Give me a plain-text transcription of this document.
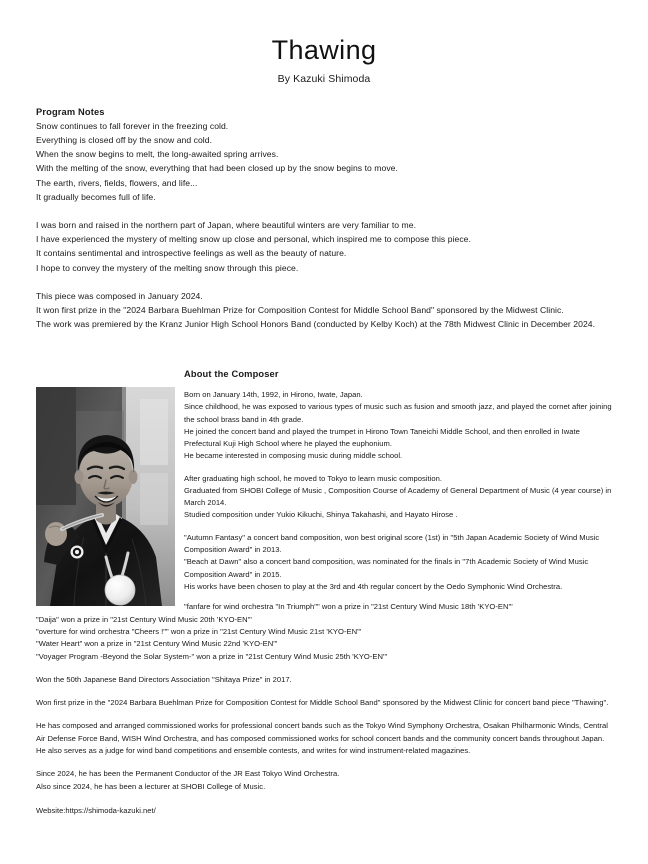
Thawing

By Kazuki Shimoda

Program Notes
Snow continues to fall forever in the freezing cold.
Everything is closed off by the snow and cold.
When the snow begins to melt, the long-awaited spring arrives.
With the melting of the snow, everything that had been closed up by the snow begins to move.
The earth, rivers, fields, flowers, and life...
It gradually becomes full of life.
I was born and raised in the northern part of Japan, where beautiful winters are very familiar to me.
I have experienced the mystery of melting snow up close and personal, which inspired me to compose this piece.
It contains sentimental and introspective feelings as well as the beauty of nature.
I hope to convey the mystery of the melting snow through this piece.
This piece was composed in January 2024.
It won first prize in the "2024 Barbara Buehlman Prize for Composition Contest for Middle School Band" sponsored by the Midwest Clinic.
The work was premiered by the Kranz Junior High School Honors Band (conducted by Kelby Koch) at the 78th Midwest Clinic in December 2024.
About the Composer
Born on January 14th, 1992, in Hirono, Iwate, Japan.
Since childhood, he was exposed to various types of music such as fusion and smooth jazz, and played the cornet after joining the school brass band in 4th grade.
He joined the concert band and played the trumpet in Hirono Town Taneichi Middle School, and then enrolled in Iwate Prefectural Kuji High School where he played the euphonium.
He became interested in composing music during middle school.
After graduating high school, he moved to Tokyo to learn music composition.
Graduated from SHOBI College of Music , Composition Course of Academy of General Department of Music (4 year course) in March 2014.
Studied composition under Yukio Kikuchi, Shinya Takahashi, and Hayato Hirose .
"Autumn Fantasy" a concert band composition, won best original score (1st) in "5th Japan Academic Society of Wind Music Composition Award" in 2013.
"Beach at Dawn" also a concert band composition, was nominated for the finals in "7th Academic Society of Wind Music Composition Award" in 2015.
His works have been chosen to play at the 3rd and 4th regular concert by the Oedo Symphonic Wind Orchestra.
"fanfare for wind orchestra "In Triumph"" won a prize in "21st Century Wind Music 18th 'KYO-EN'"
"Daija" won a prize in "21st Century Wind Music 20th 'KYO-EN'"
"overture for wind orchestra "Cheers !"" won a prize in "21st Century Wind Music 21st 'KYO-EN'"
"Water Heart" won a prize in "21st Century Wind Music 22nd 'KYO-EN'"
"Voyager Program -Beyond the Solar System-" won a prize in "21st Century Wind Music 25th 'KYO-EN'"
Won the 50th Japanese Band Directors Association "Shitaya Prize" in 2017.
Won first prize in the "2024 Barbara Buehlman Prize for Composition Contest for Middle School Band" sponsored by the Midwest Clinic for concert band piece "Thawing".
He has composed and arranged commissioned works for professional concert bands such as the Tokyo Wind Symphony Orchestra, Osakan Philharmonic Winds, Central Air Defense Force Band, WISH Wind Orchestra, and has composed commissioned works for school concert bands and the community concert bands throughout Japan.
He also serves as a judge for wind band competitions and ensemble contests, and writes for wind instrument-related magazines.
Since 2024, he has been the Permanent Conductor of the JR East Tokyo Wind Orchestra.
Also since 2024, he has been a lecturer at SHOBI College of Music.
Website:https://shimoda-kazuki.net/
